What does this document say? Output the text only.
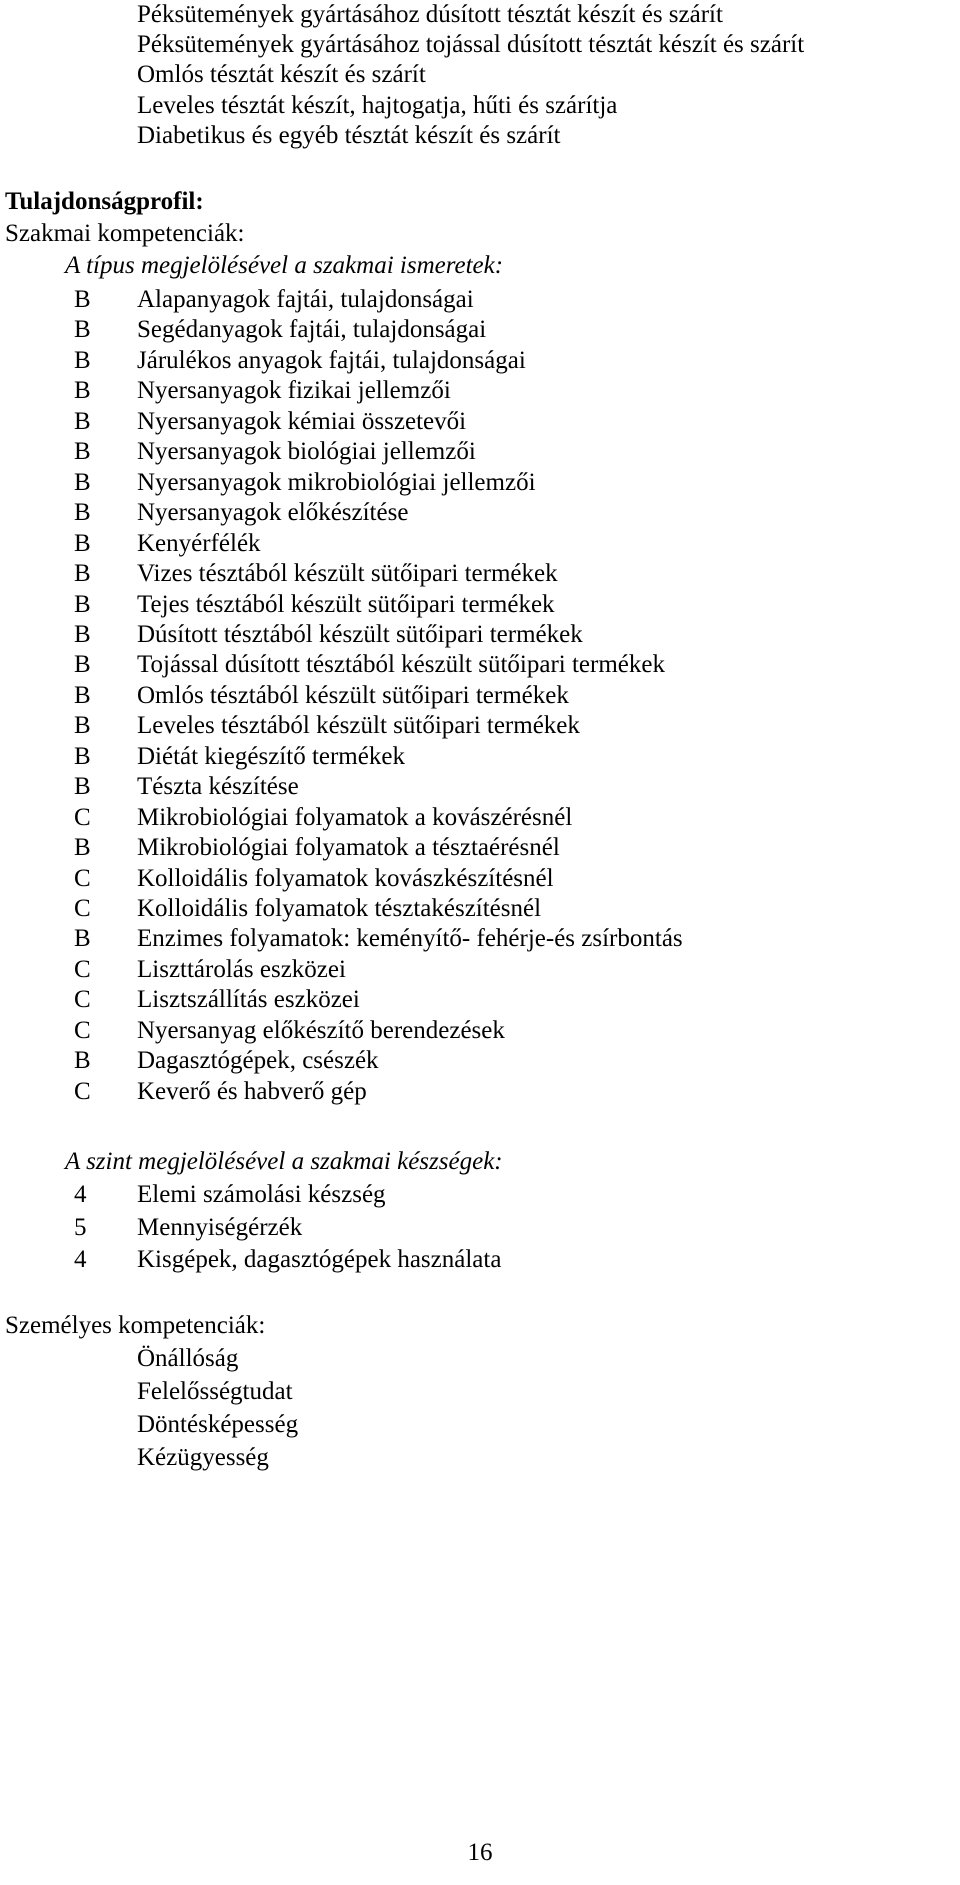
Péksütemények gyártásához dúsított tésztát készít és szárít
Péksütemények gyártásához tojással dúsított tésztát készít és szárít
Omlós tésztát készít és szárít
Leveles tésztát készít, hajtogatja, hűti és szárítja
Diabetikus és egyéb tésztát készít és szárít
Tulajdonságprofil:
Szakmai kompetenciák:
A típus megjelölésével a szakmai ismeretek:
B	Alapanyagok fajtái, tulajdonságai
B	Segédanyagok fajtái, tulajdonságai
B	Járulékos anyagok fajtái, tulajdonságai
B	Nyersanyagok fizikai jellemzői
B	Nyersanyagok kémiai összetevői
B	Nyersanyagok biológiai jellemzői
B	Nyersanyagok mikrobiológiai jellemzői
B	Nyersanyagok előkészítése
B	Kenyérfélék
B	Vizes tésztából készült sütőipari termékek
B	Tejes tésztából készült sütőipari termékek
B	Dúsított tésztából készült sütőipari termékek
B	Tojással dúsított tésztából készült sütőipari termékek
B	Omlós tésztából készült sütőipari termékek
B	Leveles tésztából készült sütőipari termékek
B	Diétát kiegészítő termékek
B	Tészta készítése
C	Mikrobiológiai folyamatok a kovászérésnél
B	Mikrobiológiai folyamatok a tésztaérésnél
C	Kolloidális folyamatok kovászkészítésnél
C	Kolloidális folyamatok tésztakészítésnél
B	Enzimes folyamatok: keményítő- fehérje-és zsírbontás
C	Liszttárolás eszközei
C	Lisztszállítás eszközei
C	Nyersanyag előkészítő berendezések
B	Dagasztógépek, csészék
C	Keverő és habverő gép
A szint megjelölésével a szakmai készségek:
4 Elemi számolási készség
5 Mennyiségérzék
4 Kisgépek, dagasztógépek használata
Személyes kompetenciák:
Önállóság
Felelősségtudat
Döntésképesség
Kézügyesség
16
